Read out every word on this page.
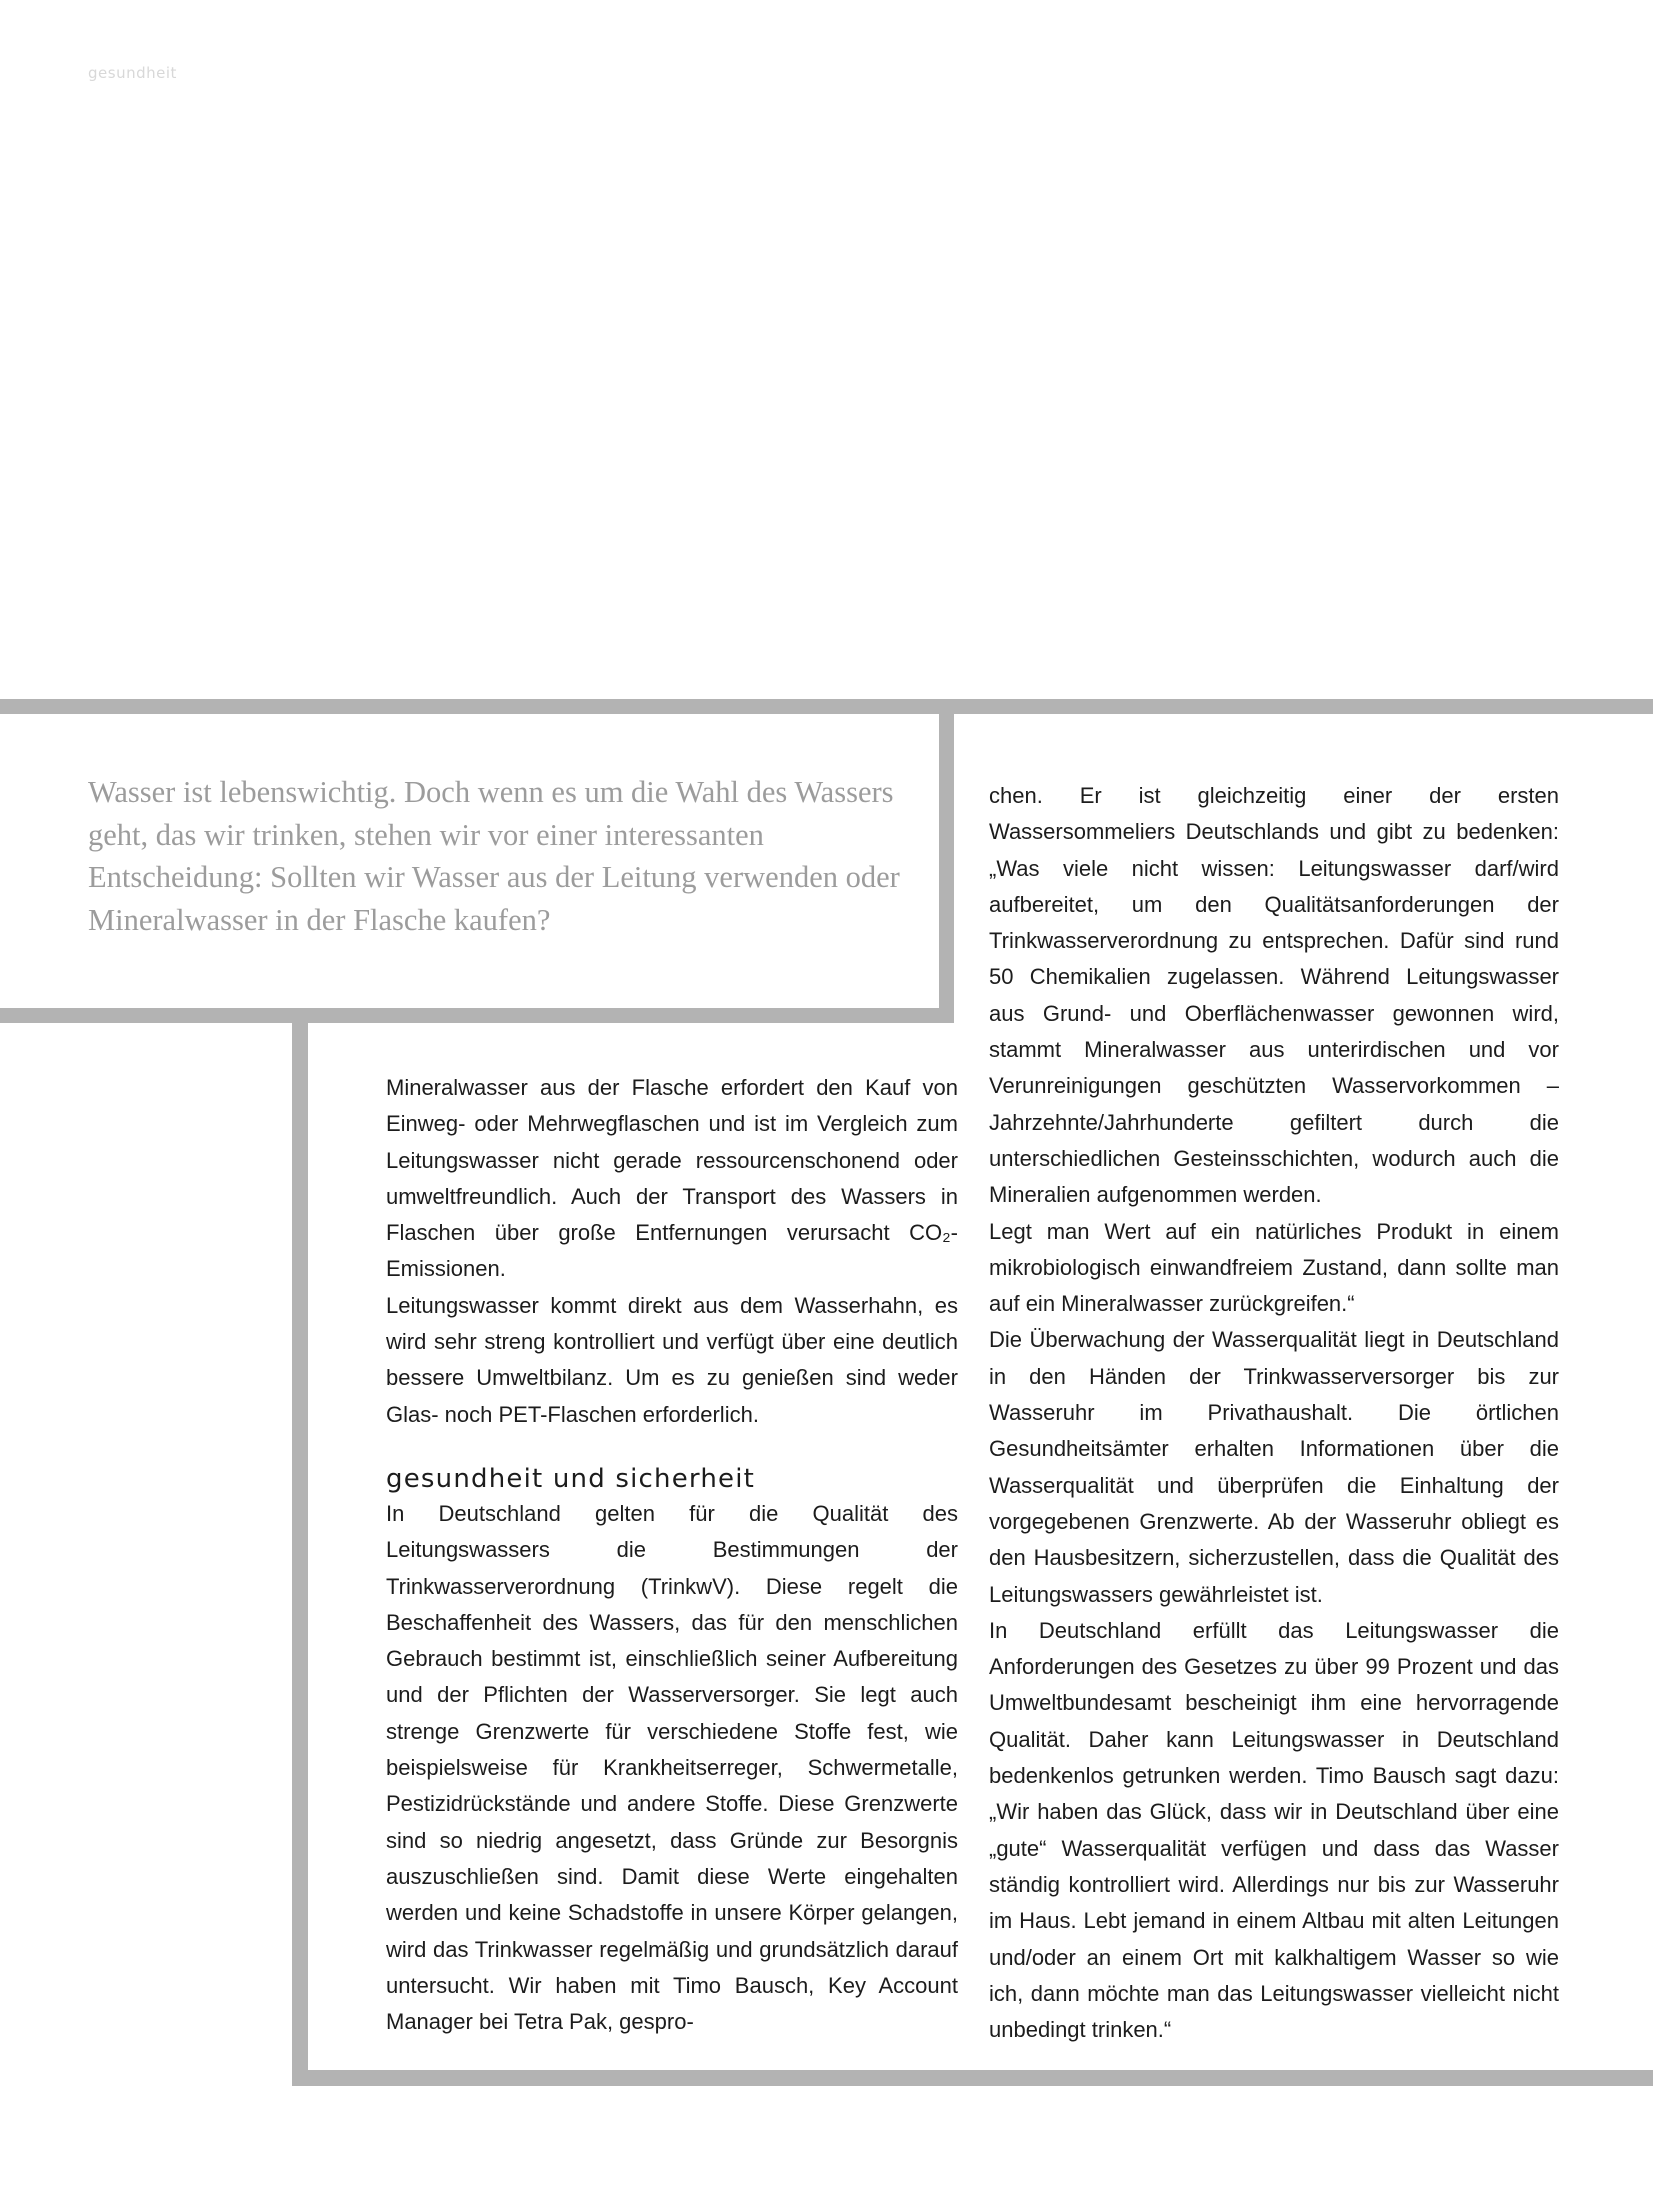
gesundheit

Wasser ist lebenswichtig. Doch wenn es um die Wahl des Wassers geht, das wir trinken, stehen wir vor einer interessanten Entscheidung: Sollten wir Wasser aus der Leitung verwenden oder Mineralwasser in der Flasche kaufen?

Mineralwasser aus der Flasche erfordert den Kauf von Einweg- oder Mehrwegflaschen und ist im Vergleich zum Leitungswasser nicht gerade ressourcenschonend oder umweltfreundlich. Auch der Transport des Wassers in Flaschen über große Entfernungen verursacht CO₂-Emissionen.

Leitungswasser kommt direkt aus dem Wasserhahn, es wird sehr streng kontrolliert und verfügt über eine deutlich bessere Umweltbilanz. Um es zu genießen sind weder Glas- noch PET-Flaschen erforderlich.

gesundheit und sicherheit

In Deutschland gelten für die Qualität des Leitungswassers die Bestimmungen der Trinkwasserverordnung (TrinkwV). Diese regelt die Beschaffenheit des Wassers, das für den menschlichen Gebrauch bestimmt ist, einschließlich seiner Aufbereitung und der Pflichten der Wasserversorger. Sie legt auch strenge Grenzwerte für verschiedene Stoffe fest, wie beispielsweise für Krankheitserreger, Schwermetalle, Pestizidrückstände und andere Stoffe. Diese Grenzwerte sind so niedrig angesetzt, dass Gründe zur Besorgnis auszuschließen sind. Damit diese Werte eingehalten werden und keine Schadstoffe in unsere Körper gelangen, wird das Trinkwasser regelmäßig und grundsätzlich darauf untersucht. Wir haben mit Timo Bausch, Key Account Manager bei Tetra Pak, gespro-

chen. Er ist gleichzeitig einer der ersten Wassersommeliers Deutschlands und gibt zu bedenken: „Was viele nicht wissen: Leitungswasser darf/wird aufbereitet, um den Qualitätsanforderungen der Trinkwasserverordnung zu entsprechen. Dafür sind rund 50 Chemikalien zugelassen. Während Leitungswasser aus Grund- und Oberflächenwasser gewonnen wird, stammt Mineralwasser aus unterirdischen und vor Verunreinigungen geschützten Wasservorkommen – Jahrzehnte/Jahrhunderte gefiltert durch die unterschiedlichen Gesteinsschichten, wodurch auch die Mineralien aufgenommen werden.

Legt man Wert auf ein natürliches Produkt in einem mikrobiologisch einwandfreiem Zustand, dann sollte man auf ein Mineralwasser zurückgreifen.“

Die Überwachung der Wasserqualität liegt in Deutschland in den Händen der Trinkwasserversorger bis zur Wasseruhr im Privathaushalt. Die örtlichen Gesundheitsämter erhalten Informationen über die Wasserqualität und überprüfen die Einhaltung der vorgegebenen Grenzwerte. Ab der Wasseruhr obliegt es den Hausbesitzern, sicherzustellen, dass die Qualität des Leitungswassers gewährleistet ist.

In Deutschland erfüllt das Leitungswasser die Anforderungen des Gesetzes zu über 99 Prozent und das Umweltbundesamt bescheinigt ihm eine hervorragende Qualität. Daher kann Leitungswasser in Deutschland bedenkenlos getrunken werden. Timo Bausch sagt dazu: „Wir haben das Glück, dass wir in Deutschland über eine „gute“ Wasserqualität verfügen und dass das Wasser ständig kontrolliert wird. Allerdings nur bis zur Wasseruhr im Haus. Lebt jemand in einem Altbau mit alten Leitungen und/oder an einem Ort mit kalkhaltigem Wasser so wie ich, dann möchte man das Leitungswasser vielleicht nicht unbedingt trinken.“
